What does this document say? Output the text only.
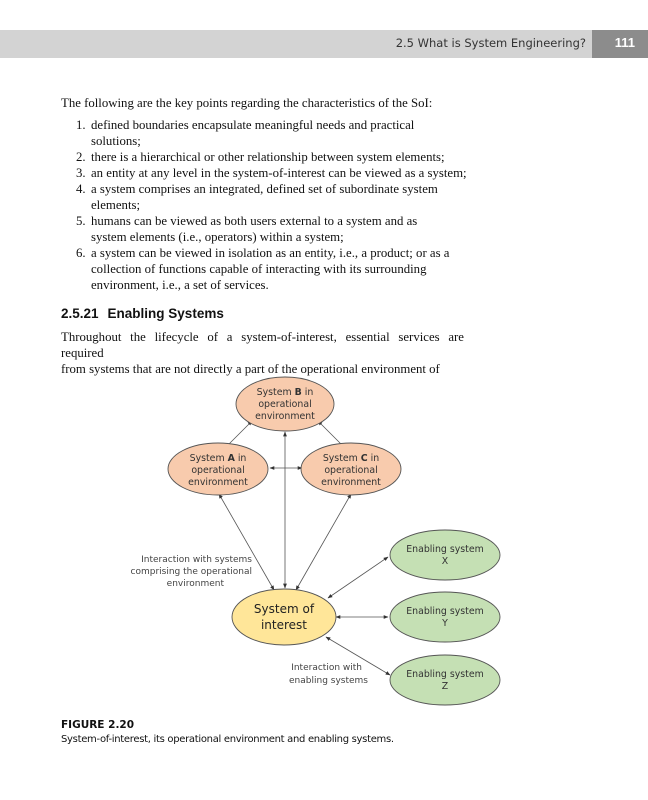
2.5 What is System Engineering? 111
The following are the key points regarding the characteristics of the SoI:
1. defined boundaries encapsulate meaningful needs and practical
solutions;
2. there is a hierarchical or other relationship between system elements;
3. an entity at any level in the system-of-interest can be viewed as a system;
4. a system comprises an integrated, defined set of subordinate system
elements;
5. humans can be viewed as both users external to a system and as
system elements (i.e., operators) within a system;
6. a system can be viewed in isolation as an entity, i.e., a product; or as a
collection of functions capable of interacting with its surrounding
environment, i.e., a set of services.
2.5.21 Enabling Systems
Throughout the lifecycle of a system-of-interest, essential services are required
from systems that are not directly a part of the operational environment of
System B in
operational
environment
System A in
operational
environment
System C in
operational
environment
System of
interest
Enabling system
X
Enabling system
Y
Enabling system
Z
Interaction with systems
comprising the operational
environment
Interaction with
enabling systems
FIGURE 2.20
System-of-interest, its operational environment and enabling systems.
